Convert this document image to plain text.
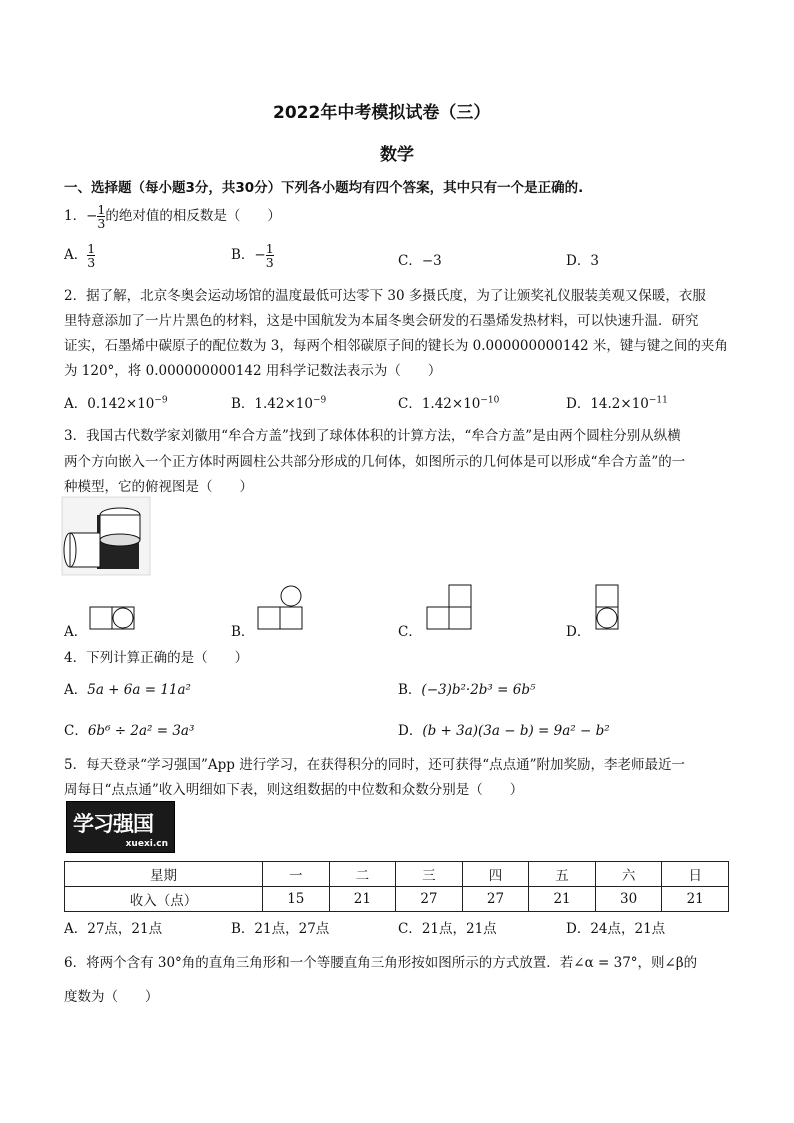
2022年中考模拟试卷（三）
数学
一、选择题（每小题3分，共30分）下列各小题均有四个答案，其中只有一个是正确的.
1．− $\frac{1}{3}$ 的绝对值的相反数是（　　）
A． $\frac{1}{3}$	B．− $\frac{1}{3}$	C．−3	D．3
2．据了解，北京冬奥会运动场馆的温度最低可达零下 30 多摄氏度，为了让颁奖礼仪服装美观又保暖，衣服
里特意添加了一片片黑色的材料，这是中国航发为本届冬奥会研发的石墨烯发热材料，可以快速升温．研究
证实，石墨烯中碳原子的配位数为 3，每两个相邻碳原子间的键长为 0.000000000142 米，键与键之间的夹角
为 120°，将 0.000000000142 用科学记数法表示为（　　）
A．$0.142\times 10^{-9}$	B．$1.42\times 10^{-9}$	C．$1.42\times 10^{-10}$	D．$14.2\times 10^{-11}$
3．我国古代数学家刘徽用“牟合方盖”找到了球体体积的计算方法，“牟合方盖”是由两个圆柱分别从纵横
两个方向嵌入一个正方体时两圆柱公共部分形成的几何体，如图所示的几何体是可以形成“牟合方盖”的一
种模型，它的俯视图是（　　）
A．	B．	C．	D．
4．下列计算正确的是（　　）
A．5a + 6a = 11a²	B．(−3)b²·2b³ = 6b⁵
C．6b⁶ ÷ 2a² = 3a³	D．(b + 3a)(3a − b) = 9a² − b²
5．每天登录“学习强国”App 进行学习，在获得积分的同时，还可获得“点点通”附加奖励，李老师最近一
周每日“点点通”收入明细如下表，则这组数据的中位数和众数分别是（　　）
学习强国
xuexi.cn
星期	一	二	三	四	五	六	日
收入（点）	15	21	27	27	21	30	21
A．27点，21点	B．21点，27点	C．21点，21点	D．24点，21点
6．将两个含有 30°角的直角三角形和一个等腰直角三角形按如图所示的方式放置．若∠α = 37°，则∠β的
度数为（　　）
